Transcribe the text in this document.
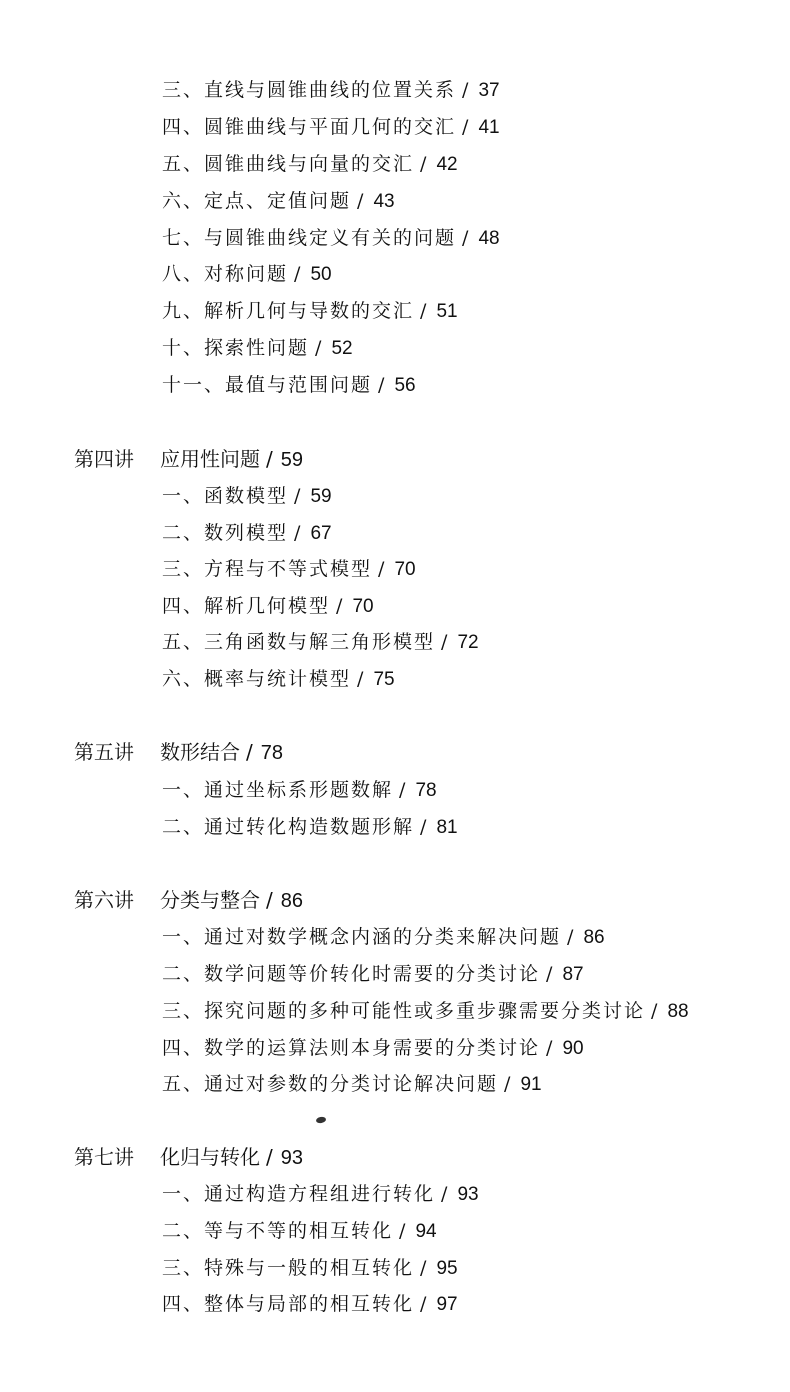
三、直线与圆锥曲线的位置关系 / 37
四、圆锥曲线与平面几何的交汇 / 41
五、圆锥曲线与向量的交汇 / 42
六、定点、定值问题 / 43
七、与圆锥曲线定义有关的问题 / 48
八、对称问题 / 50
九、解析几何与导数的交汇 / 51
十、探索性问题 / 52
十一、最值与范围问题 / 56
第四讲 应用性问题 / 59
一、函数模型 / 59
二、数列模型 / 67
三、方程与不等式模型 / 70
四、解析几何模型 / 70
五、三角函数与解三角形模型 / 72
六、概率与统计模型 / 75
第五讲 数形结合 / 78
一、通过坐标系形题数解 / 78
二、通过转化构造数题形解 / 81
第六讲 分类与整合 / 86
一、通过对数学概念内涵的分类来解决问题 / 86
二、数学问题等价转化时需要的分类讨论 / 87
三、探究问题的多种可能性或多重步骤需要分类讨论 / 88
四、数学的运算法则本身需要的分类讨论 / 90
五、通过对参数的分类讨论解决问题 / 91
第七讲 化归与转化 / 93
一、通过构造方程组进行转化 / 93
二、等与不等的相互转化 / 94
三、特殊与一般的相互转化 / 95
四、整体与局部的相互转化 / 97
